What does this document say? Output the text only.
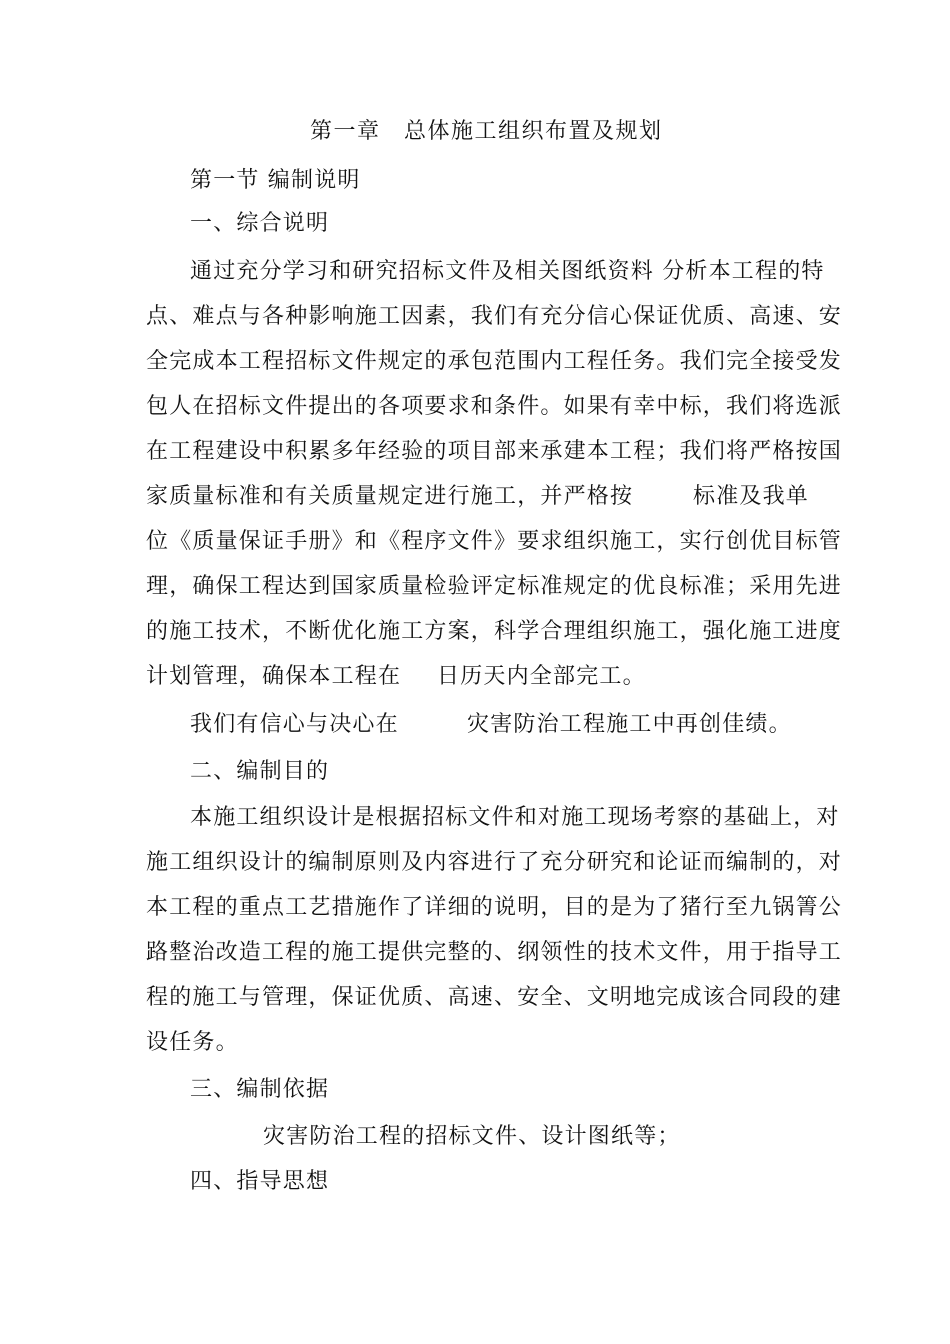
第一章　总体施工组织布置及规划
第一节 编制说明
一、综合说明
通过充分学习和研究招标文件及相关图纸资料 分析本工程的特
点、难点与各种影响施工因素，我们有充分信心保证优质、高速、安
全完成本工程招标文件规定的承包范围内工程任务。我们完全接受发
包人在招标文件提出的各项要求和条件。如果有幸中标，我们将选派
在工程建设中积累多年经验的项目部来承建本工程；我们将严格按国
家质量标准和有关质量规定进行施工，并严格按	标准及我单
位《质量保证手册》和《程序文件》要求组织施工，实行创优目标管
理，确保工程达到国家质量检验评定标准规定的优良标准；采用先进
的施工技术，不断优化施工方案，科学合理组织施工，强化施工进度
计划管理，确保本工程在 日历天内全部完工。
我们有信心与决心在	灾害防治工程施工中再创佳绩。
二、编制目的
本施工组织设计是根据招标文件和对施工现场考察的基础上，对
施工组织设计的编制原则及内容进行了充分研究和论证而编制的，对
本工程的重点工艺措施作了详细的说明，目的是为了猪行至九锅箐公
路整治改造工程的施工提供完整的、纲领性的技术文件，用于指导工
程的施工与管理，保证优质、高速、安全、文明地完成该合同段的建
设任务。
三、编制依据
灾害防治工程的招标文件、设计图纸等；
四、指导思想
